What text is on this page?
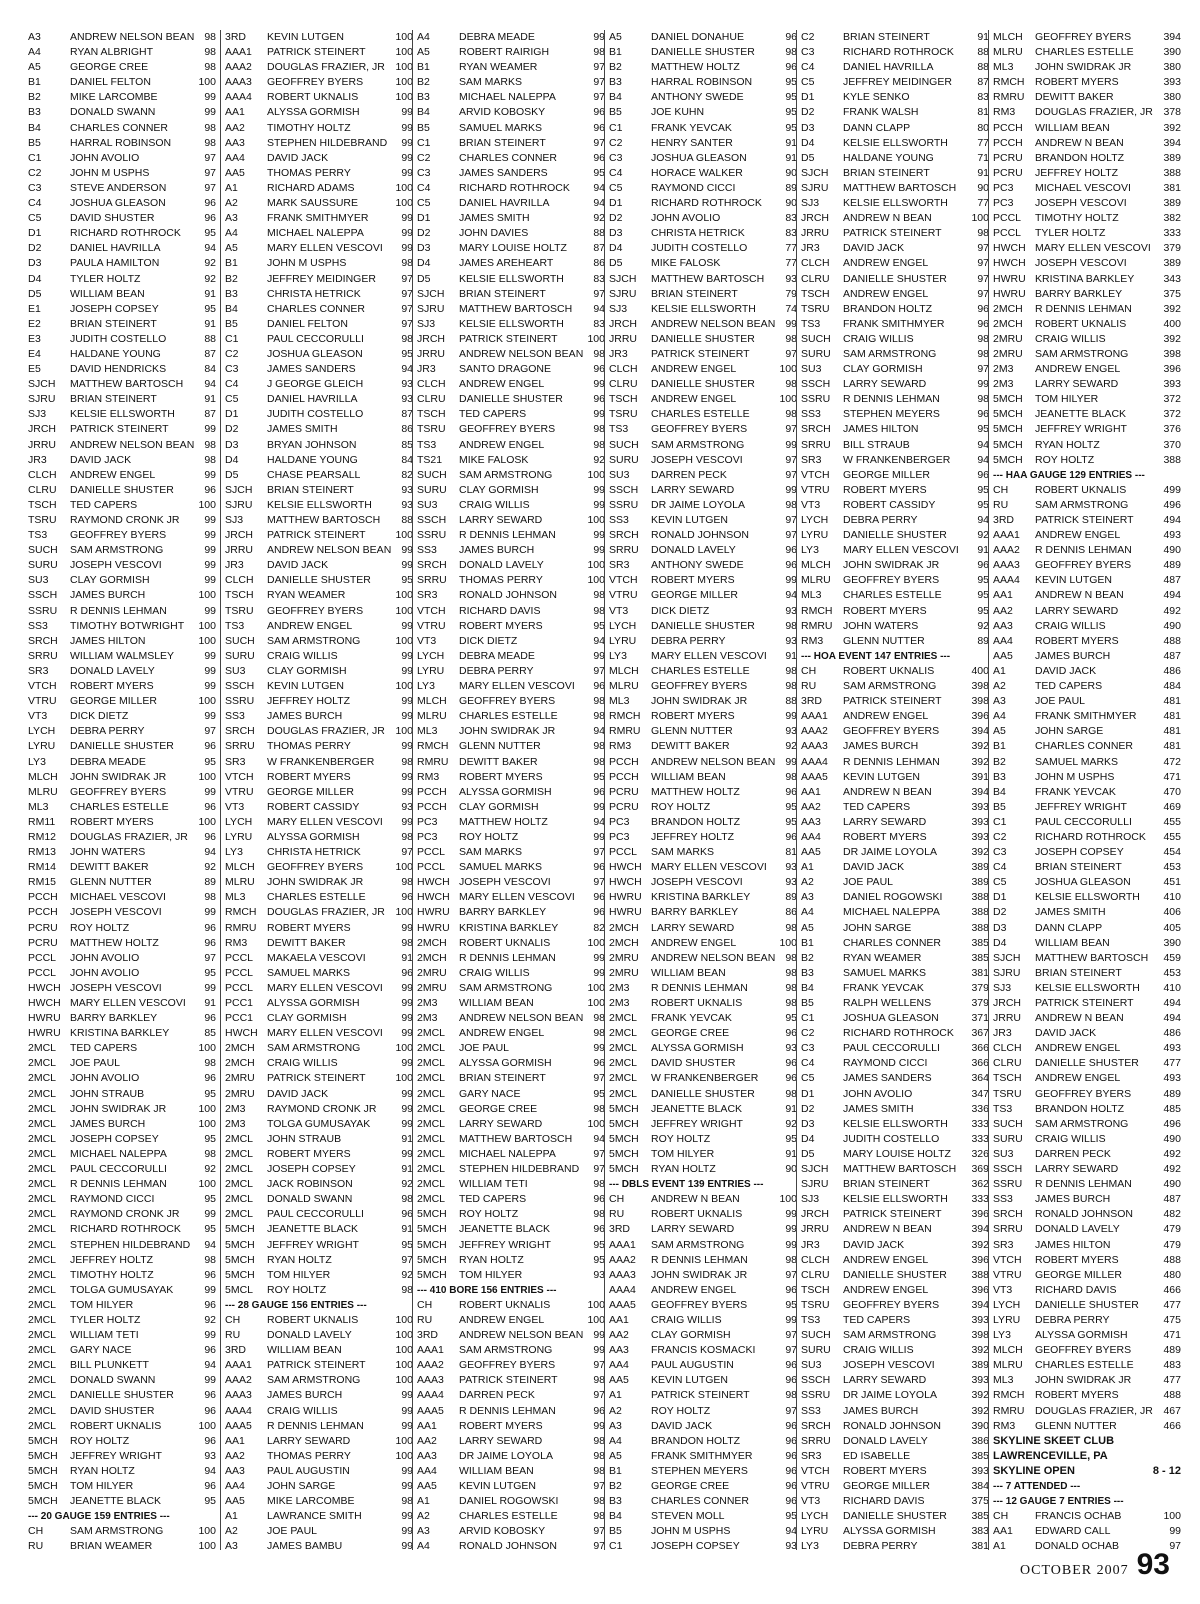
A3	ANDREW NELSON BEAN 98
A4	RYAN ALBRIGHT	98
A5	GEORGE CREE	98
B1	DANIEL FELTON	100
B2	MIKE LARCOMBE	99
B3	DONALD SWANN	99
B4	CHARLES CONNER	98
B5	HARRAL ROBINSON	98
C1	JOHN AVOLIO	97
C2	JOHN M USPHS	97
C3	STEVE ANDERSON	97
C4	JOSHUA GLEASON	96
C5	DAVID SHUSTER	96
D1	RICHARD ROTHROCK	95
D2	DANIEL HAVRILLA	94
D3	PAULA HAMILTON	92
D4	TYLER HOLTZ	92
D5	WILLIAM BEAN	91
E1	JOSEPH COPSEY	95
E2	BRIAN STEINERT	91
E3	JUDITH COSTELLO	88
E4	HALDANE YOUNG	87
E5	DAVID HENDRICKS	84
SJCH	MATTHEW BARTOSCH	94
SJRU	BRIAN STEINERT	91
SJ3	KELSIE ELLSWORTH	87
JRCH	PATRICK STEINERT	99
JRRU	ANDREW NELSON BEAN 98
JR3	DAVID JACK	98
CLCH	ANDREW ENGEL	99
CLRU	DANIELLE SHUSTER	96
TSCH	TED CAPERS	100
TSRU	RAYMOND CRONK JR	99
TS3	GEOFFREY BYERS	99
SUCH	SAM ARMSTRONG	99
SURU	JOSEPH VESCOVI	99
SU3	CLAY GORMISH	99
SSCH	JAMES BURCH	100
SSRU	R DENNIS LEHMAN	99
SS3	TIMOTHY BOTWRIGHT	100
SRCH	JAMES HILTON	100
SRRU	WILLIAM WALMSLEY	99
SR3	DONALD LAVELY	99
VTCH	ROBERT MYERS	99
VTRU	GEORGE MILLER	100
VT3	DICK DIETZ	99
LYCH	DEBRA PERRY	97
LYRU	DANIELLE SHUSTER	96
LY3	DEBRA MEADE	95
MLCH	JOHN SWIDRAK JR	100
MLRU	GEOFFREY BYERS	99
ML3	CHARLES ESTELLE	96
RM11	ROBERT MYERS	100
RM12	DOUGLAS FRAZIER, JR	96
RM13	JOHN WATERS	94
RM14	DEWITT BAKER	92
RM15	GLENN NUTTER	89
PCCH	MICHAEL VESCOVI	98
PCCH	JOSEPH VESCOVI	99
PCRU	ROY HOLTZ	96
PCRU	MATTHEW HOLTZ	96
PCCL	JOHN AVOLIO	97
PCCL	JOHN AVOLIO	95
HWCH JOSEPH VESCOVI	99
HWCH MARY ELLEN VESCOVI	91
HWRU BARRY BARKLEY	96
HWRU KRISTINA BARKLEY	85
2MCL	TED CAPERS	100
2MCL	JOE PAUL	98
2MCL	JOHN AVOLIO	96
2MCL	JOHN STRAUB	95
2MCL	JOHN SWIDRAK JR	100
2MCL	JAMES BURCH	100
2MCL	JOSEPH COPSEY	95
2MCL	MICHAEL NALEPPA	98
2MCL	PAUL CECCORULLI	92
2MCL	R DENNIS LEHMAN	100
2MCL	RAYMOND CICCI	95
2MCL	RAYMOND CRONK JR	99
2MCL	RICHARD ROTHROCK	95
2MCL	STEPHEN HILDEBRAND	94
2MCL	JEFFREY HOLTZ	98
2MCL	TIMOTHY HOLTZ	96
2MCL	TOLGA GUMUSAYAK	99
2MCL	TOM HILYER	96
2MCL	TYLER HOLTZ	92
2MCL	WILLIAM TETI	99
2MCL	GARY NACE	96
2MCL	BILL PLUNKETT	94
2MCL	DONALD SWANN	99
2MCL	DANIELLE SHUSTER	96
2MCL	DAVID SHUSTER	96
2MCL	ROBERT UKNALIS	100
5MCH	ROY HOLTZ	96
5MCH	JEFFREY WRIGHT	93
5MCH	RYAN HOLTZ	94
5MCH	TOM HILYER	96
5MCH	JEANETTE BLACK	95
--- 20 GAUGE 159 ENTRIES ---
CH	SAM ARMSTRONG	100
RU	BRIAN WEAMER	100
3RD	KEVIN LUTGEN	100
AAA1	PATRICK STEINERT	100
AAA2	DOUGLAS FRAZIER, JR	100
AAA3	GEOFFREY BYERS	100
AAA4	ROBERT UKNALIS	100
AA1	ALYSSA GORMISH	99
AA2	TIMOTHY HOLTZ	99
AA3	STEPHEN HILDEBRAND	99
AA4	DAVID JACK	99
AA5	THOMAS PERRY	99
A1	RICHARD ADAMS	100
A2	MARK SAUSSURE	100
A3	FRANK SMITHMYER	99
A4	MICHAEL NALEPPA	99
A5	MARY ELLEN VESCOVI	99
B1	JOHN M USPHS	98
B2	JEFFREY MEIDINGER	97
B3	CHRISTA HETRICK	97
B4	CHARLES CONNER	97
B5	DANIEL FELTON	97
C1	PAUL CECCORULLI	98
C2	JOSHUA GLEASON	95
C3	JAMES SANDERS	94
C4	J GEORGE GLEICH	93
C5	DANIEL HAVRILLA	93
D1	JUDITH COSTELLO	87
D2	JAMES SMITH	86
D3	BRYAN JOHNSON	85
D4	HALDANE YOUNG	84
D5	CHASE PEARSALL	82
SJCH	BRIAN STEINERT	93
SJRU	KELSIE ELLSWORTH	93
SJ3	MATTHEW BARTOSCH	88
JRCH	PATRICK STEINERT	100
JRRU	ANDREW NELSON BEAN 99
JR3	DAVID JACK	99
CLCH	DANIELLE SHUSTER	95
TSCH	RYAN WEAMER	100
TSRU	GEOFFREY BYERS	100
TS3	ANDREW ENGEL	99
SUCH	SAM ARMSTRONG	100
SURU	CRAIG WILLIS	99
SU3	CLAY GORMISH	99
SSCH	KEVIN LUTGEN	100
SSRU	JEFFREY HOLTZ	99
SS3	JAMES BURCH	99
SRCH	DOUGLAS FRAZIER, JR	100
SRRU	THOMAS PERRY	99
SR3	W FRANKENBERGER	98
VTCH	ROBERT MYERS	99
VTRU	GEORGE MILLER	99
VT3	ROBERT CASSIDY	93
LYCH	MARY ELLEN VESCOVI	99
LYRU	ALYSSA GORMISH	98
LY3	CHRISTA HETRICK	97
MLCH	GEOFFREY BYERS	100
MLRU	JOHN SWIDRAK JR	98
ML3	CHARLES ESTELLE	96
RMCH	DOUGLAS FRAZIER, JR	100
RMRU	ROBERT MYERS	99
RM3	DEWITT BAKER	98
PCCL	MAKAELA VESCOVI	91
PCCL	SAMUEL MARKS	96
PCCL	MARY ELLEN VESCOVI	99
PCC1	ALYSSA GORMISH	99
PCC1	CLAY GORMISH	99
HWCH MARY ELLEN VESCOVI	99
2MCH	SAM ARMSTRONG	100
2MCH	CRAIG WILLIS	99
2MRU	PATRICK STEINERT	100
2MRU	DAVID JACK	99
2M3	RAYMOND CRONK JR	99
2M3	TOLGA GUMUSAYAK	99
2MCL	JOHN STRAUB	91
2MCL	ROBERT MYERS	99
2MCL	JOSEPH COPSEY	91
2MCL	JACK ROBINSON	92
2MCL	DONALD SWANN	98
2MCL	PAUL CECCORULLI	96
5MCH	JEANETTE BLACK	91
5MCH	JEFFREY WRIGHT	95
5MCH	RYAN HOLTZ	97
5MCH	TOM HILYER	92
5MCL	ROY HOLTZ	98
--- 28 GAUGE 156 ENTRIES ---
CH	ROBERT UKNALIS	100
RU	DONALD LAVELY	100
3RD	WILLIAM BEAN	100
AAA1	PATRICK STEINERT	100
AAA2	SAM ARMSTRONG	100
AAA3	JAMES BURCH	99
AAA4	CRAIG WILLIS	99
AAA5	R DENNIS LEHMAN	99
AA1	LARRY SEWARD	100
AA2	THOMAS PERRY	100
AA3	PAUL AUGUSTIN	99
AA4	JOHN SARGE	99
AA5	MIKE LARCOMBE	98
A1	LAWRANCE SMITH	99
A2	JOE PAUL	99
A3	JAMES BAMBU	99
A4	DEBRA MEADE	99
A5	ROBERT RAIRIGH	98
B1	RYAN WEAMER	97
B2	SAM MARKS	97
B3	MICHAEL NALEPPA	97
B4	ARVID KOBOSKY	96
B5	SAMUEL MARKS	96
C1	BRIAN STEINERT	97
C2	CHARLES CONNER	96
C3	JAMES SANDERS	95
C4	RICHARD ROTHROCK	94
C5	DANIEL HAVRILLA	94
D1	JAMES SMITH	92
D2	JOHN DAVIES	88
D3	MARY LOUISE HOLTZ	87
D4	JAMES AREHEART	86
D5	KELSIE ELLSWORTH	83
SJCH	BRIAN STEINERT	97
SJRU	MATTHEW BARTOSCH	94
SJ3	KELSIE ELLSWORTH	83
JRCH	PATRICK STEINERT	100
JRRU	ANDREW NELSON BEAN 98
JR3	SANTO DRAGONE	96
CLCH	ANDREW ENGEL	99
CLRU	DANIELLE SHUSTER	96
TSCH	TED CAPERS	99
TSRU	GEOFFREY BYERS	98
TS3	ANDREW ENGEL	98
TS21	MIKE FALOSK	92
SUCH	SAM ARMSTRONG	100
SURU	CLAY GORMISH	99
SU3	CRAIG WILLIS	99
SSCH	LARRY SEWARD	100
SSRU	R DENNIS LEHMAN	99
SS3	JAMES BURCH	99
SRCH	DONALD LAVELY	100
SRRU	THOMAS PERRY	100
SR3	RONALD JOHNSON	98
VTCH	RICHARD DAVIS	98
VTRU	ROBERT MYERS	95
VT3	DICK DIETZ	94
LYCH	DEBRA MEADE	99
LYRU	DEBRA PERRY	97
LY3	MARY ELLEN VESCOVI	96
MLCH	GEOFFREY BYERS	98
MLRU	CHARLES ESTELLE	98
ML3	JOHN SWIDRAK JR	94
RMCH	GLENN NUTTER	98
RMRU	DEWITT BAKER	98
RM3	ROBERT MYERS	95
PCCH	ALYSSA GORMISH	96
PCCH	CLAY GORMISH	99
PC3	MATTHEW HOLTZ	94
PC3	ROY HOLTZ	99
PCCL	SAM MARKS	97
PCCL	SAMUEL MARKS	96
HWCH JOSEPH VESCOVI	97
HWCH MARY ELLEN VESCOVI	96
HWRU BARRY BARKLEY	96
HWRU KRISTINA BARKLEY	82
2MCH	ROBERT UKNALIS	100
2MCH	R DENNIS LEHMAN	99
2MRU	CRAIG WILLIS	99
2MRU	SAM ARMSTRONG	100
2M3	WILLIAM BEAN	100
2M3	ANDREW NELSON BEAN 98
2MCL	ANDREW ENGEL	98
2MCL	JOE PAUL	99
2MCL	ALYSSA GORMISH	96
2MCL	BRIAN STEINERT	97
2MCL	GARY NACE	95
2MCL	GEORGE CREE	98
2MCL	LARRY SEWARD	100
2MCL	MATTHEW BARTOSCH	94
2MCL	MICHAEL NALEPPA	97
2MCL	STEPHEN HILDEBRAND	97
2MCL	WILLIAM TETI	98
2MCL	TED CAPERS	96
5MCH	ROY HOLTZ	98
5MCH	JEANETTE BLACK	96
5MCH	JEFFREY WRIGHT	95
5MCH	RYAN HOLTZ	95
5MCH	TOM HILYER	93
--- 410 BORE 156 ENTRIES ---
CH	ROBERT UKNALIS	100
RU	ANDREW ENGEL	100
3RD	ANDREW NELSON BEAN 99
AAA1	SAM ARMSTRONG	99
AAA2	GEOFFREY BYERS	97
AAA3	PATRICK STEINERT	98
AAA4	DARREN PECK	97
AAA5	R DENNIS LEHMAN	96
AA1	ROBERT MYERS	99
AA2	LARRY SEWARD	98
AA3	DR JAIME LOYOLA	98
AA4	WILLIAM BEAN	98
AA5	KEVIN LUTGEN	97
A1	DANIEL ROGOWSKI	98
A2	CHARLES ESTELLE	98
A3	ARVID KOBOSKY	97
A4	RONALD JOHNSON	97
A5	DANIEL DONAHUE	96
B1	DANIELLE SHUSTER	98
B2	MATTHEW HOLTZ	96
B3	HARRAL ROBINSON	95
B4	ANTHONY SWEDE	95
B5	JOE KUHN	95
C1	FRANK YEVCAK	95
C2	HENRY SANTER	91
C3	JOSHUA GLEASON	91
C4	HORACE WALKER	90
C5	RAYMOND CICCI	89
D1	RICHARD ROTHROCK	90
D2	JOHN AVOLIO	83
D3	CHRISTA HETRICK	83
D4	JUDITH COSTELLO	77
D5	MIKE FALOSK	77
SJCH	MATTHEW BARTOSCH	93
SJRU	BRIAN STEINERT	79
SJ3	KELSIE ELLSWORTH	74
JRCH	ANDREW NELSON BEAN 99
JRRU	DANIELLE SHUSTER	98
JR3	PATRICK STEINERT	97
CLCH	ANDREW ENGEL	100
CLRU	DANIELLE SHUSTER	98
TSCH	ANDREW ENGEL	100
TSRU	CHARLES ESTELLE	98
TS3	GEOFFREY BYERS	97
SUCH	SAM ARMSTRONG	99
SURU	JOSEPH VESCOVI	97
SU3	DARREN PECK	97
SSCH	LARRY SEWARD	99
SSRU	DR JAIME LOYOLA	98
SS3	KEVIN LUTGEN	97
SRCH	RONALD JOHNSON	97
SRRU	DONALD LAVELY	96
SR3	ANTHONY SWEDE	96
VTCH	ROBERT MYERS	99
VTRU	GEORGE MILLER	94
VT3	DICK DIETZ	93
LYCH	DANIELLE SHUSTER	98
LYRU	DEBRA PERRY	93
LY3	MARY ELLEN VESCOVI	91
MLCH	CHARLES ESTELLE	98
MLRU	GEOFFREY BYERS	98
ML3	JOHN SWIDRAK JR	88
RMCH	ROBERT MYERS	99
RMRU	GLENN NUTTER	93
RM3	DEWITT BAKER	92
PCCH	ANDREW NELSON BEAN 99
PCCH	WILLIAM BEAN	98
PCRU	MATTHEW HOLTZ	96
PCRU	ROY HOLTZ	95
PC3	BRANDON HOLTZ	95
PC3	JEFFREY HOLTZ	96
PCCL	SAM MARKS	81
HWCH MARY ELLEN VESCOVI	93
HWCH JOSEPH VESCOVI	93
HWRU KRISTINA BARKLEY	89
HWRU BARRY BARKLEY	86
2MCH	LARRY SEWARD	98
2MCH	ANDREW ENGEL	100
2MRU	ANDREW NELSON BEAN 98
2MRU	WILLIAM BEAN	98
2M3	R DENNIS LEHMAN	98
2M3	ROBERT UKNALIS	98
2MCL	FRANK YEVCAK	95
2MCL	GEORGE CREE	96
2MCL	ALYSSA GORMISH	93
2MCL	DAVID SHUSTER	96
2MCL	W FRANKENBERGER	96
2MCL	DANIELLE SHUSTER	98
5MCH	JEANETTE BLACK	91
5MCH	JEFFREY WRIGHT	92
5MCH	ROY HOLTZ	95
5MCH	TOM HILYER	91
5MCH	RYAN HOLTZ	90
--- DBLS EVENT 139 ENTRIES ---
CH	ANDREW N BEAN	100
RU	ROBERT UKNALIS	99
3RD	LARRY SEWARD	99
AAA1	SAM ARMSTRONG	99
AAA2	R DENNIS LEHMAN	98
AAA3	JOHN SWIDRAK JR	97
AAA4	ANDREW ENGEL	96
AAA5	GEOFFREY BYERS	95
AA1	CRAIG WILLIS	99
AA2	CLAY GORMISH	97
AA3	FRANCIS KOSMACKI	97
AA4	PAUL AUGUSTIN	96
AA5	KEVIN LUTGEN	96
A1	PATRICK STEINERT	98
A2	ROY HOLTZ	97
A3	DAVID JACK	96
A4	BRANDON HOLTZ	96
A5	FRANK SMITHMYER	96
B1	STEPHEN MEYERS	96
B2	GEORGE CREE	96
B3	CHARLES CONNER	96
B4	STEVEN MOLL	95
B5	JOHN M USPHS	94
C1	JOSEPH COPSEY	93
C2	BRIAN STEINERT	91
C3	RICHARD ROTHROCK	88
C4	DANIEL HAVRILLA	88
C5	JEFFREY MEIDINGER	87
D1	KYLE SENKO	83
D2	FRANK WALSH	81
D3	DANN CLAPP	80
D4	KELSIE ELLSWORTH	77
D5	HALDANE YOUNG	71
SJCH	BRIAN STEINERT	91
SJRU	MATTHEW BARTOSCH	90
SJ3	KELSIE ELLSWORTH	77
JRCH	ANDREW N BEAN	100
JRRU	PATRICK STEINERT	98
JR3	DAVID JACK	97
CLCH	ANDREW ENGEL	97
CLRU	DANIELLE SHUSTER	97
TSCH	ANDREW ENGEL	97
TSRU	BRANDON HOLTZ	96
TS3	FRANK SMITHMYER	96
SUCH	CRAIG WILLIS	98
SURU	SAM ARMSTRONG	98
SU3	CLAY GORMISH	97
SSCH	LARRY SEWARD	99
SSRU	R DENNIS LEHMAN	98
SS3	STEPHEN MEYERS	96
SRCH	JAMES HILTON	95
SRRU	BILL STRAUB	94
SR3	W FRANKENBERGER	94
VTCH	GEORGE MILLER	96
VTRU	ROBERT MYERS	95
VT3	ROBERT CASSIDY	95
LYCH	DEBRA PERRY	94
LYRU	DANIELLE SHUSTER	92
LY3	MARY ELLEN VESCOVI	91
MLCH	JOHN SWIDRAK JR	96
MLRU	GEOFFREY BYERS	95
ML3	CHARLES ESTELLE	95
RMCH	ROBERT MYERS	95
RMRU	JOHN WATERS	92
RM3	GLENN NUTTER	89
--- HOA EVENT 147 ENTRIES ---
CH	ROBERT UKNALIS	400
RU	SAM ARMSTRONG	398
3RD	PATRICK STEINERT	398
AAA1	ANDREW ENGEL	396
AAA2	GEOFFREY BYERS	394
AAA3	JAMES BURCH	392
AAA4	R DENNIS LEHMAN	392
AAA5	KEVIN LUTGEN	391
AA1	ANDREW N BEAN	394
AA2	TED CAPERS	393
AA3	LARRY SEWARD	393
AA4	ROBERT MYERS	393
AA5	DR JAIME LOYOLA	392
A1	DAVID JACK	389
A2	JOE PAUL	389
A3	DANIEL ROGOWSKI	388
A4	MICHAEL NALEPPA	388
A5	JOHN SARGE	388
B1	CHARLES CONNER	385
B2	RYAN WEAMER	385
B3	SAMUEL MARKS	381
B4	FRANK YEVCAK	379
B5	RALPH WELLENS	379
C1	JOSHUA GLEASON	371
C2	RICHARD ROTHROCK	367
C3	PAUL CECCORULLI	366
C4	RAYMOND CICCI	366
C5	JAMES SANDERS	364
D1	JOHN AVOLIO	347
D2	JAMES SMITH	336
D3	KELSIE ELLSWORTH	333
D4	JUDITH COSTELLO	333
D5	MARY LOUISE HOLTZ	326
SJCH	MATTHEW BARTOSCH	369
SJRU	BRIAN STEINERT	362
SJ3	KELSIE ELLSWORTH	333
JRCH	PATRICK STEINERT	396
JRRU	ANDREW N BEAN	394
JR3	DAVID JACK	392
CLCH	ANDREW ENGEL	396
CLRU	DANIELLE SHUSTER	388
TSCH	ANDREW ENGEL	396
TSRU	GEOFFREY BYERS	394
TS3	TED CAPERS	393
SUCH	SAM ARMSTRONG	398
SURU	CRAIG WILLIS	392
SU3	JOSEPH VESCOVI	389
SSCH	LARRY SEWARD	393
SSRU	DR JAIME LOYOLA	392
SS3	JAMES BURCH	392
SRCH	RONALD JOHNSON	390
SRRU	DONALD LAVELY	386
SR3	ED ISABELLE	385
VTCH	ROBERT MYERS	393
VTRU	GEORGE MILLER	384
VT3	RICHARD DAVIS	375
LYCH	DANIELLE SHUSTER	385
LYRU	ALYSSA GORMISH	383
LY3	DEBRA PERRY	381
MLCH	GEOFFREY BYERS	394
MLRU	CHARLES ESTELLE	390
ML3	JOHN SWIDRAK JR	380
RMCH	ROBERT MYERS	393
RMRU	DEWITT BAKER	380
RM3	DOUGLAS FRAZIER, JR	378
PCCH	WILLIAM BEAN	392
PCCH	ANDREW N BEAN	394
PCRU	BRANDON HOLTZ	389
PCRU	JEFFREY HOLTZ	388
PC3	MICHAEL VESCOVI	381
PC3	JOSEPH VESCOVI	389
PCCL	TIMOTHY HOLTZ	382
PCCL	TYLER HOLTZ	333
HWCH MARY ELLEN VESCOVI	379
HWCH JOSEPH VESCOVI	389
HWRU KRISTINA BARKLEY	343
HWRU BARRY BARKLEY	375
2MCH	R DENNIS LEHMAN	392
2MCH	ROBERT UKNALIS	400
2MRU	CRAIG WILLIS	392
2MRU	SAM ARMSTRONG	398
2M3	ANDREW ENGEL	396
2M3	LARRY SEWARD	393
5MCH	TOM HILYER	372
5MCH	JEANETTE BLACK	372
5MCH	JEFFREY WRIGHT	376
5MCH	RYAN HOLTZ	370
5MCH	ROY HOLTZ	388
--- HAA GAUGE 129 ENTRIES ---
CH	ROBERT UKNALIS	499
RU	SAM ARMSTRONG	496
3RD	PATRICK STEINERT	494
AAA1	ANDREW ENGEL	493
AAA2	R DENNIS LEHMAN	490
AAA3	GEOFFREY BYERS	489
AAA4	KEVIN LUTGEN	487
AA1	ANDREW N BEAN	494
AA2	LARRY SEWARD	492
AA3	CRAIG WILLIS	490
AA4	ROBERT MYERS	488
AA5	JAMES BURCH	487
A1	DAVID JACK	486
A2	TED CAPERS	484
A3	JOE PAUL	481
A4	FRANK SMITHMYER	481
A5	JOHN SARGE	481
B1	CHARLES CONNER	481
B2	SAMUEL MARKS	472
B3	JOHN M USPHS	471
B4	FRANK YEVCAK	470
B5	JEFFREY WRIGHT	469
C1	PAUL CECCORULLI	455
C2	RICHARD ROTHROCK	455
C3	JOSEPH COPSEY	454
C4	BRIAN STEINERT	453
C5	JOSHUA GLEASON	451
D1	KELSIE ELLSWORTH	410
D2	JAMES SMITH	406
D3	DANN CLAPP	405
D4	WILLIAM BEAN	390
SJCH	MATTHEW BARTOSCH	459
SJRU	BRIAN STEINERT	453
SJ3	KELSIE ELLSWORTH	410
JRCH	PATRICK STEINERT	494
JRRU	ANDREW N BEAN	494
JR3	DAVID JACK	486
CLCH	ANDREW ENGEL	493
CLRU	DANIELLE SHUSTER	477
TSCH	ANDREW ENGEL	493
TSRU	GEOFFREY BYERS	489
TS3	BRANDON HOLTZ	485
SUCH	SAM ARMSTRONG	496
SURU	CRAIG WILLIS	490
SU3	DARREN PECK	492
SSCH	LARRY SEWARD	492
SSRU	R DENNIS LEHMAN	490
SS3	JAMES BURCH	487
SRCH	RONALD JOHNSON	482
SRRU	DONALD LAVELY	479
SR3	JAMES HILTON	479
VTCH	ROBERT MYERS	488
VTRU	GEORGE MILLER	480
VT3	RICHARD DAVIS	466
LYCH	DANIELLE SHUSTER	477
LYRU	DEBRA PERRY	475
LY3	ALYSSA GORMISH	471
MLCH	GEOFFREY BYERS	489
MLRU	CHARLES ESTELLE	483
ML3	JOHN SWIDRAK JR	477
RMCH	ROBERT MYERS	488
RMRU	DOUGLAS FRAZIER, JR	467
RM3	GLENN NUTTER	466
SKYLINE SKEET CLUB
LAWRENCEVILLE, PA
SKYLINE OPEN	8 - 12
--- 7 ATTENDED ---
--- 12 GAUGE 7 ENTRIES ---
CH	FRANCIS OCHAB	100
AA1	EDWARD CALL	99
A1	DONALD OCHAB	97
OCTOBER 2007 93
